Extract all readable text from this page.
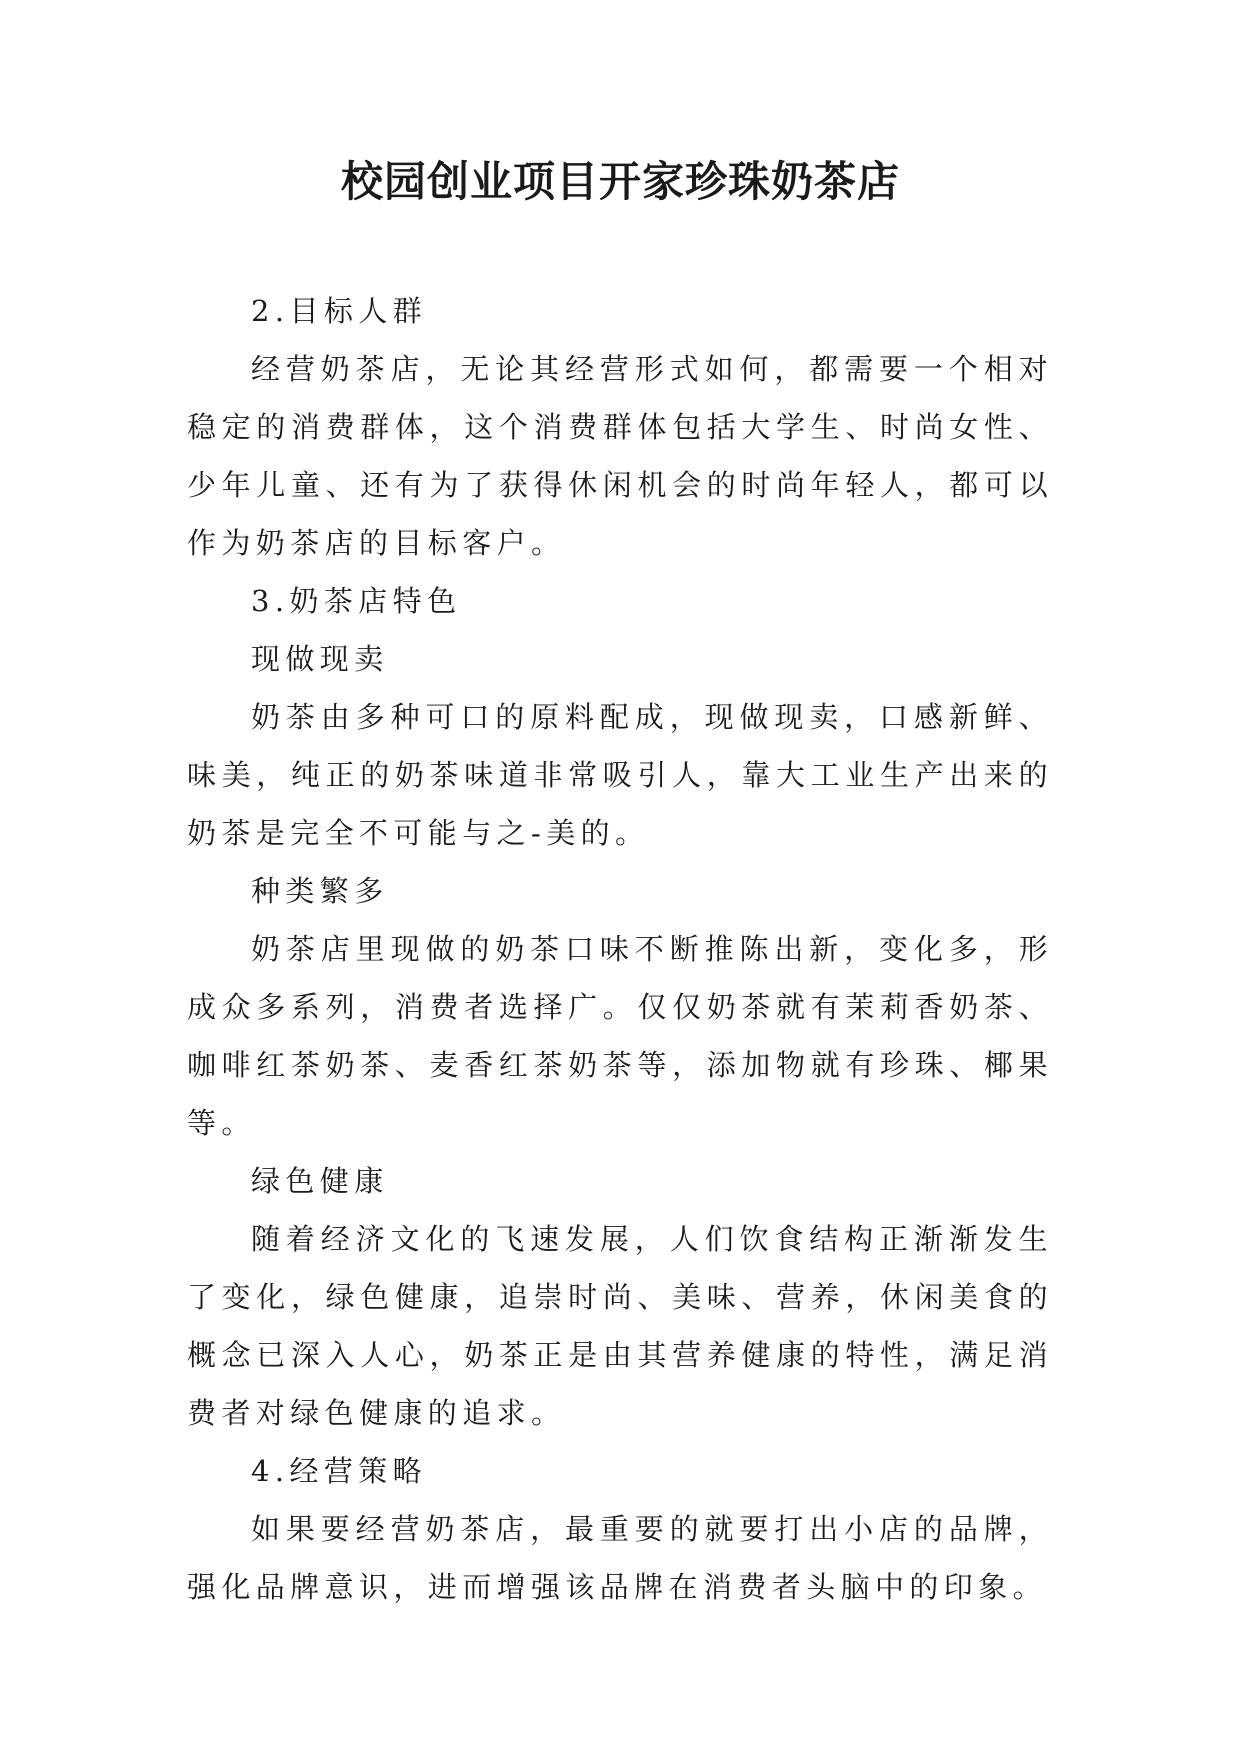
校园创业项目开家珍珠奶茶店

2.目标人群

经营奶茶店，无论其经营形式如何，都需要一个相对稳定的消费群体，这个消费群体包括大学生、时尚女性、少年儿童、还有为了获得休闲机会的时尚年轻人，都可以作为奶茶店的目标客户。

3.奶茶店特色

现做现卖

奶茶由多种可口的原料配成，现做现卖，口感新鲜、味美，纯正的奶茶味道非常吸引人，靠大工业生产出来的奶茶是完全不可能与之-美的。

种类繁多

奶茶店里现做的奶茶口味不断推陈出新，变化多，形成众多系列，消费者选择广。仅仅奶茶就有茉莉香奶茶、咖啡红茶奶茶、麦香红茶奶茶等，添加物就有珍珠、椰果等。

绿色健康

随着经济文化的飞速发展，人们饮食结构正渐渐发生了变化，绿色健康，追崇时尚、美味、营养，休闲美食的概念已深入人心，奶茶正是由其营养健康的特性，满足消费者对绿色健康的追求。

4.经营策略

如果要经营奶茶店，最重要的就要打出小店的品牌，强化品牌意识，进而增强该品牌在消费者头脑中的印象。
